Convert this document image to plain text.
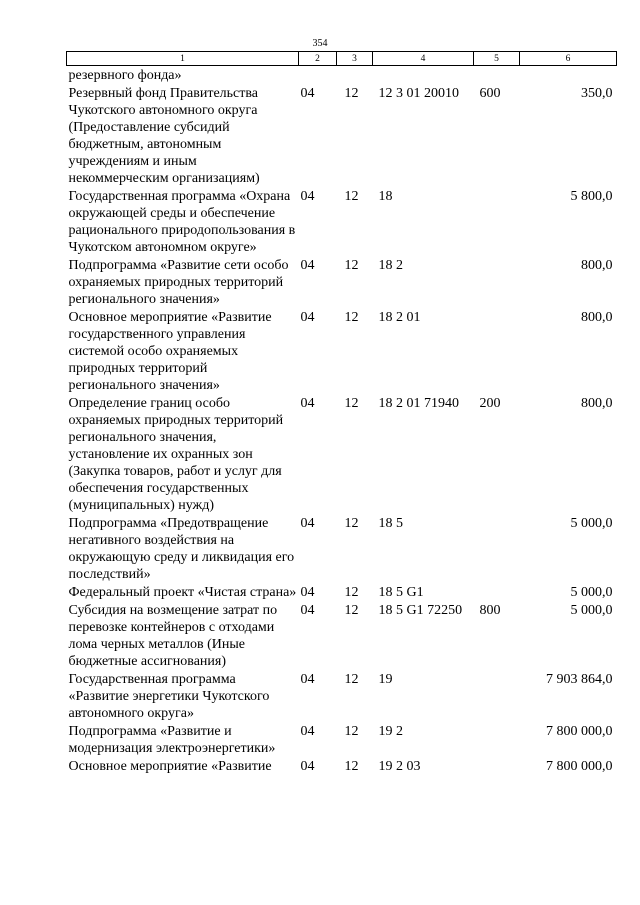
354
1	2	3	4	5	6
резервного фонда»					
Резервный фонд Правительства Чукотского автономного округа (Предоставление субсидий бюджетным, автономным учреждениям и иным некоммерческим организациям)	04	12	12 3 01 20010	600	350,0
Государственная программа «Охрана окружающей среды и обеспечение рационального природопользования в Чукотском автономном округе»	04	12	18		5 800,0
Подпрограмма «Развитие сети особо охраняемых природных территорий регионального значения»	04	12	18 2		800,0
Основное мероприятие «Развитие государственного управления системой особо охраняемых природных территорий регионального значения»	04	12	18 2 01		800,0
Определение границ особо охраняемых природных территорий регионального значения, установление их охранных зон (Закупка товаров, работ и услуг для обеспечения государственных (муниципальных) нужд)	04	12	18 2 01 71940	200	800,0
Подпрограмма «Предотвращение негативного воздействия на окружающую среду и ликвидация его последствий»	04	12	18 5		5 000,0
Федеральный проект «Чистая страна»	04	12	18 5 G1		5 000,0
Субсидия на возмещение затрат по перевозке контейнеров с отходами лома черных металлов (Иные бюджетные ассигнования)	04	12	18 5 G1 72250	800	5 000,0
Государственная программа «Развитие энергетики Чукотского автономного округа»	04	12	19		7 903 864,0
Подпрограмма «Развитие и модернизация электроэнергетики»	04	12	19 2		7 800 000,0
Основное мероприятие «Развитие	04	12	19 2 03		7 800 000,0
